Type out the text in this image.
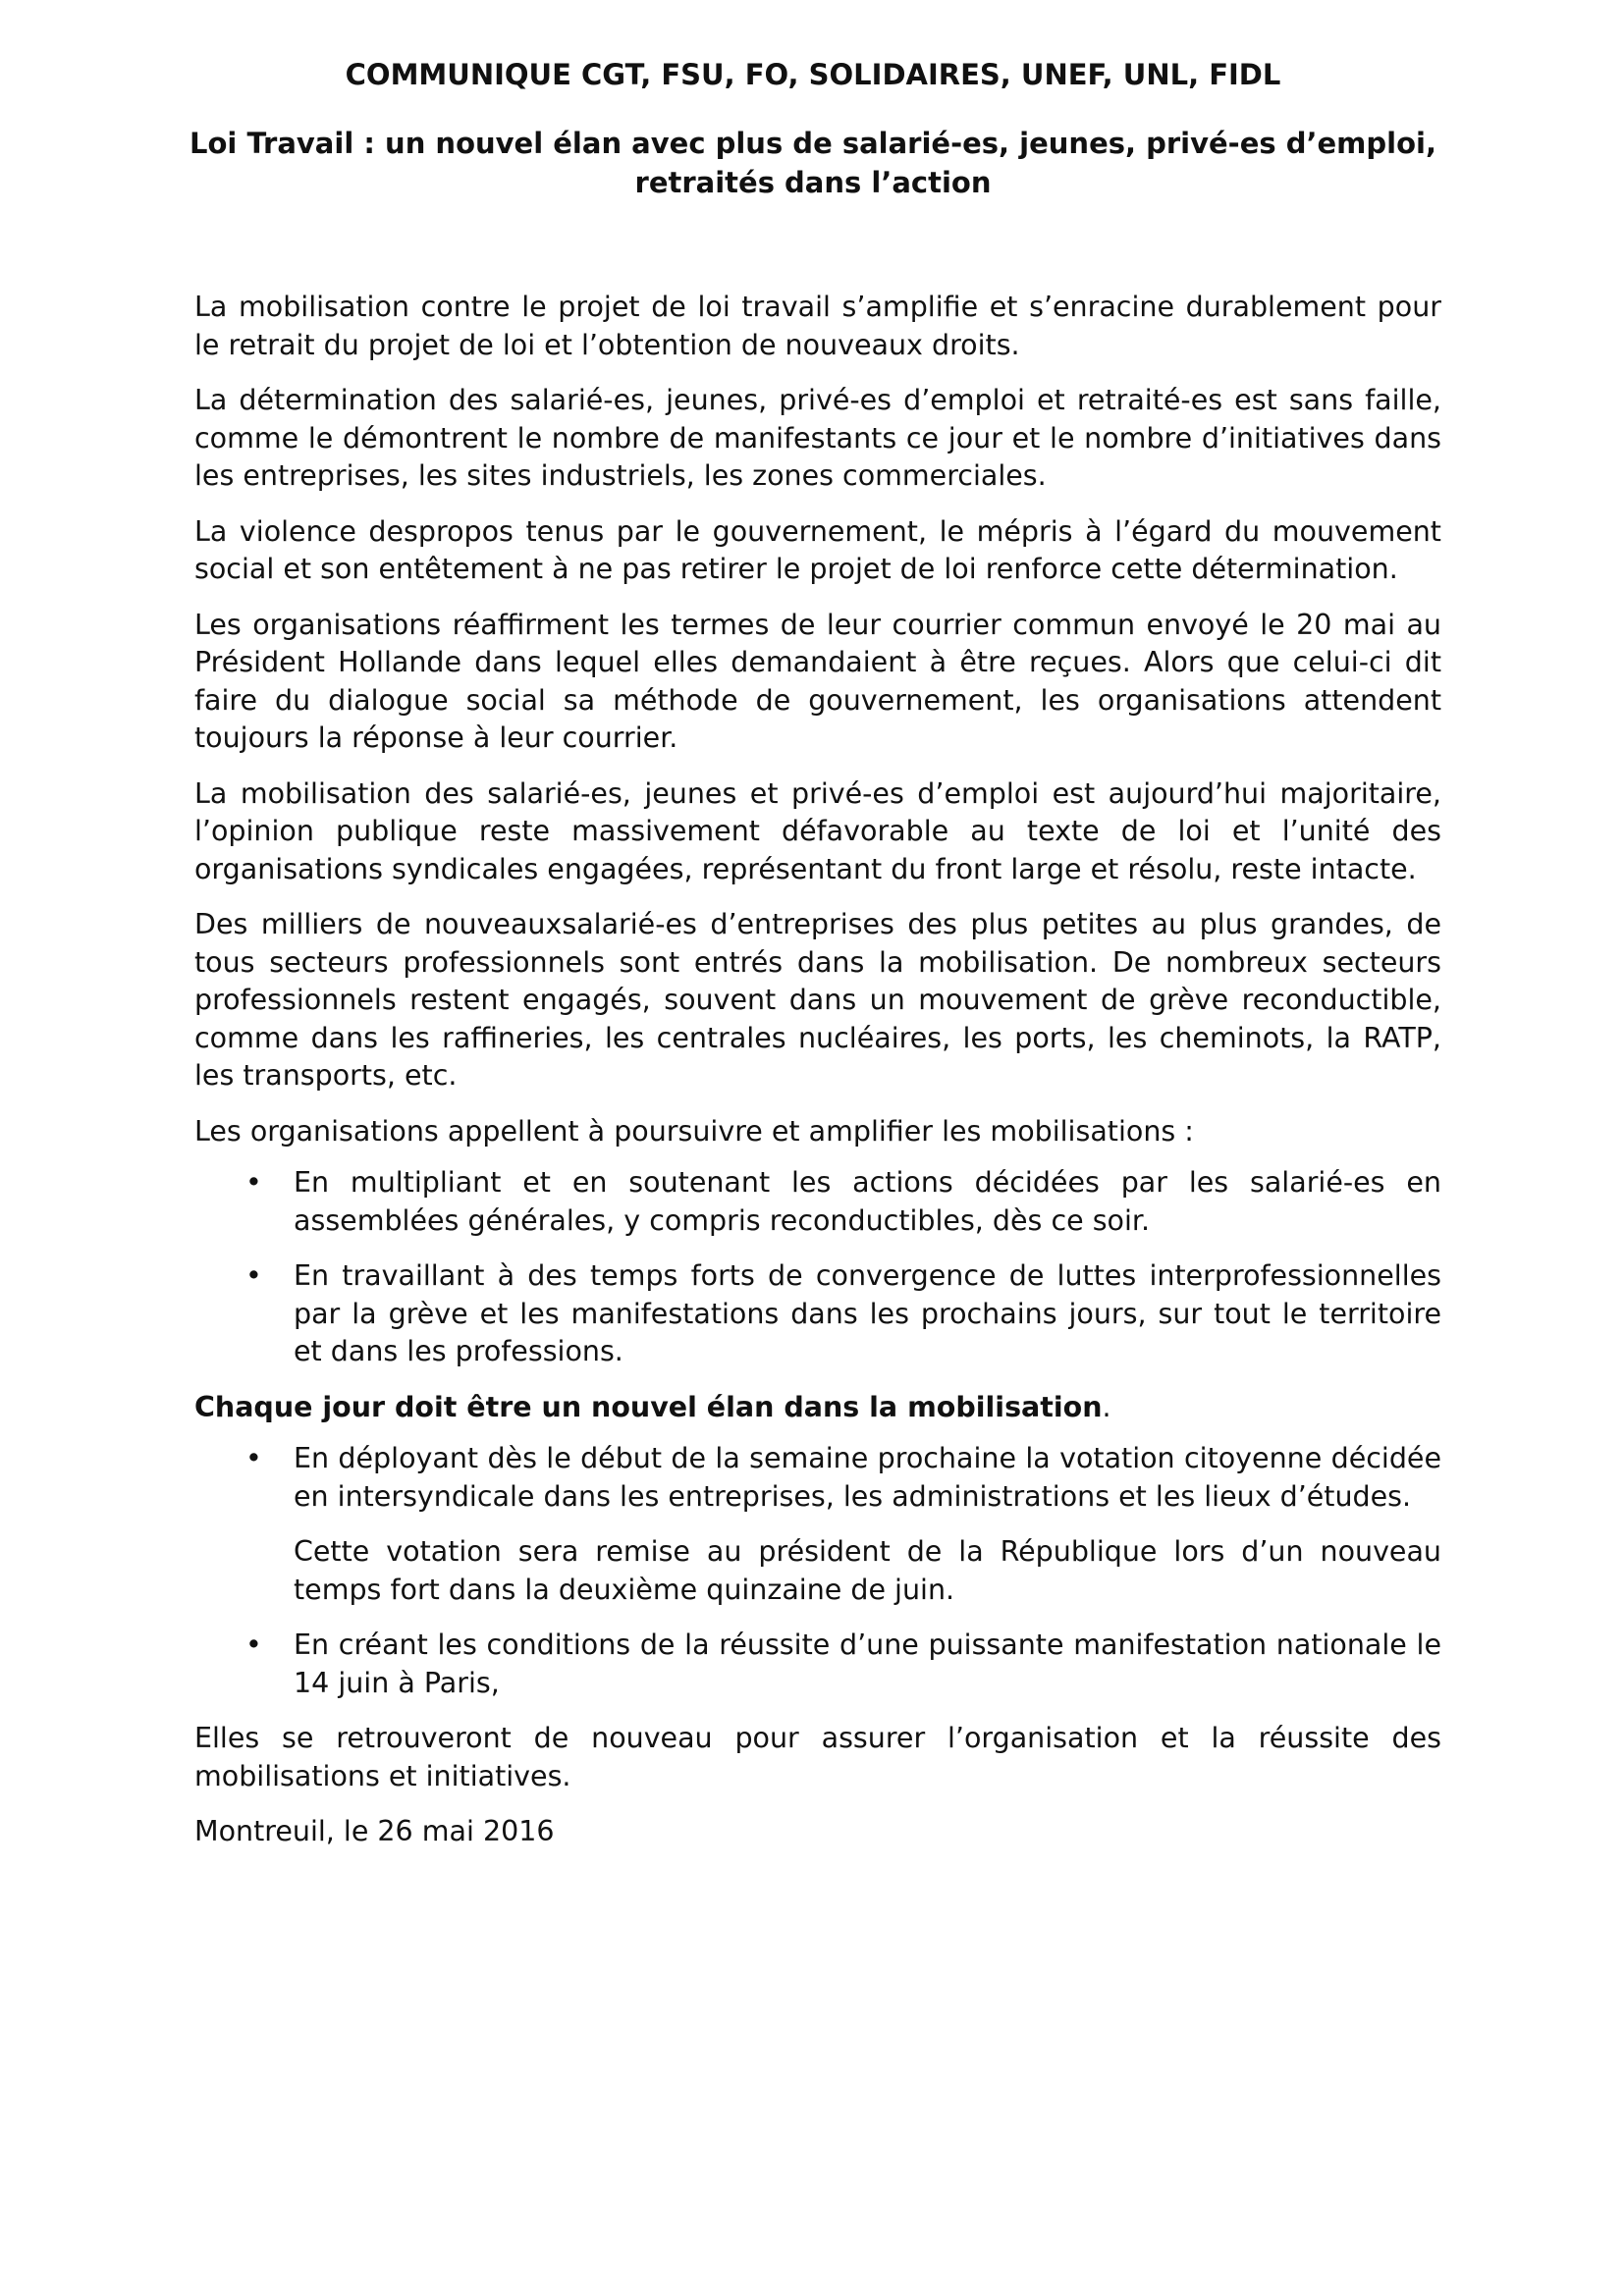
COMMUNIQUE CGT, FSU, FO, SOLIDAIRES, UNEF, UNL, FIDL
Loi Travail : un nouvel élan avec plus de salarié-es, jeunes, privé-es d’emploi, retraités dans l’action

La mobilisation contre le projet de loi travail s’amplifie et s’enracine durablement pour le retrait du projet de loi et l’obtention de nouveaux droits.

La détermination des salarié-es, jeunes, privé-es d’emploi et retraité-es est sans faille, comme le démontrent le nombre de manifestants ce jour et le nombre d’initiatives dans les entreprises, les sites industriels, les zones commerciales.

La violence despropos tenus par le gouvernement, le mépris à l’égard du mouvement social et son entêtement à ne pas retirer le projet de loi renforce cette détermination.

Les organisations réaffirment les termes de leur courrier commun envoyé le 20 mai au Président Hollande dans lequel elles demandaient à être reçues. Alors que celui-ci dit faire du dialogue social sa méthode de gouvernement, les organisations attendent toujours la réponse à leur courrier.

La mobilisation des salarié-es, jeunes et privé-es d’emploi est aujourd’hui majoritaire, l’opinion publique reste massivement défavorable au texte de loi et l’unité des organisations syndicales engagées, représentant du front large et résolu, reste intacte.

Des milliers de nouveauxsalarié-es d’entreprises des plus petites au plus grandes, de tous secteurs professionnels sont entrés dans la mobilisation. De nombreux secteurs professionnels restent engagés, souvent dans un mouvement de grève reconductible, comme dans les raffineries, les centrales nucléaires, les ports, les cheminots, la RATP, les transports, etc.

Les organisations appellent à poursuivre et amplifier les mobilisations :

• En multipliant et en soutenant les actions décidées par les salarié-es en assemblées générales, y compris reconductibles, dès ce soir.
• En travaillant à des temps forts de convergence de luttes interprofessionnelles par la grève et les manifestations dans les prochains jours, sur tout le territoire et dans les professions.

Chaque jour doit être un nouvel élan dans la mobilisation.

• En déployant dès le début de la semaine prochaine la votation citoyenne décidée en intersyndicale dans les entreprises, les administrations et les lieux d’études.

Cette votation sera remise au président de la République lors d’un nouveau temps fort dans la deuxième quinzaine de juin.

• En créant les conditions de la réussite d’une puissante manifestation nationale le 14 juin à Paris,

Elles se retrouveront de nouveau pour assurer l’organisation et la réussite des mobilisations et initiatives.

Montreuil, le 26 mai 2016
